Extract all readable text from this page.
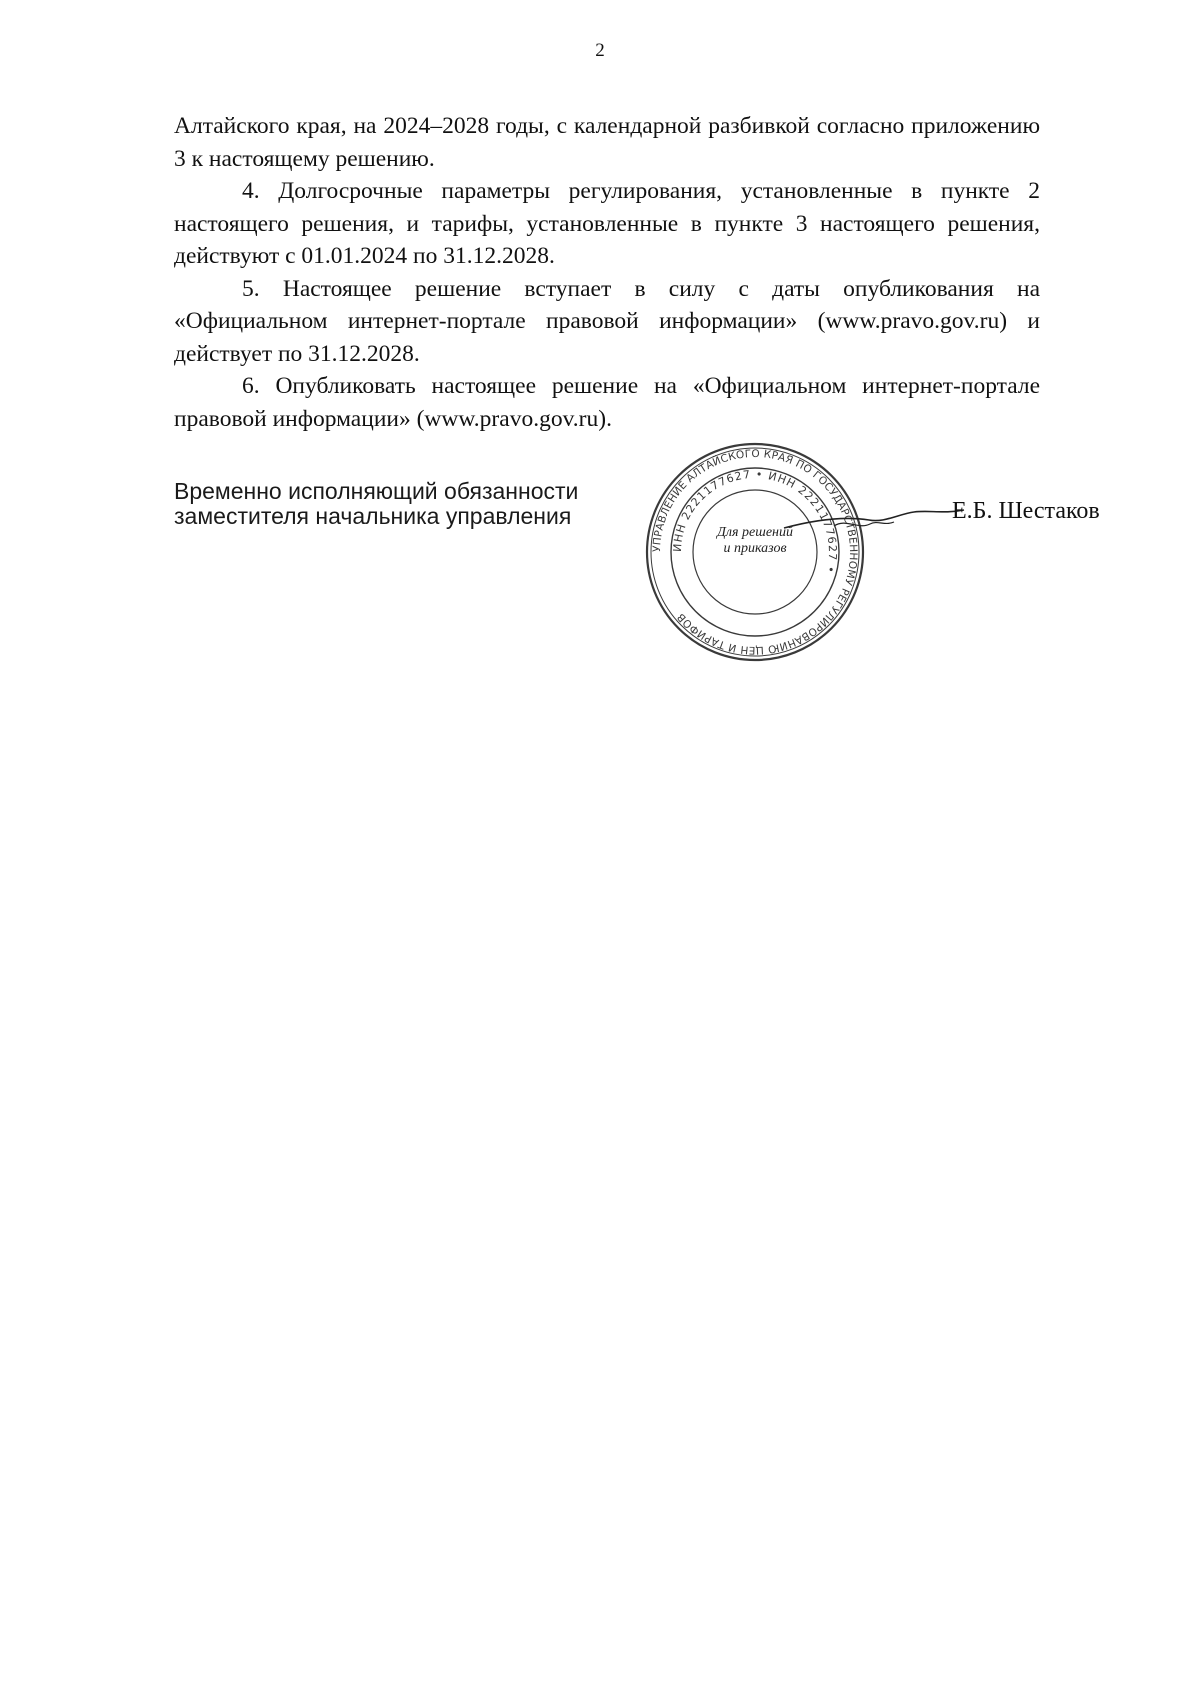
2

Алтайского края, на 2024–2028 годы, с календарной разбивкой согласно приложению 3 к настоящему решению.

4. Долгосрочные параметры регулирования, установленные в пункте 2 настоящего решения, и тарифы, установленные в пункте 3 настоящего решения, действуют с 01.01.2024 по 31.12.2028.

5. Настоящее решение вступает в силу с даты опубликования на «Официальном интернет-портале правовой информации» (www.pravo.gov.ru) и действует по 31.12.2028.

6. Опубликовать настоящее решение на «Официальном интернет-портале правовой информации» (www.pravo.gov.ru).

Временно исполняющий обязанности
заместителя начальника управления
УПРАВЛЕНИЕ АЛТАЙСКОГО КРАЯ ПО ГОСУДАРСТВЕННОМУ РЕГУЛИРОВАНИЮ ЦЕН И ТАРИФОВ
ИНН 2221177627 • ИНН 2221177627 •
Для решений
и приказов
Е.Б. Шестаков
